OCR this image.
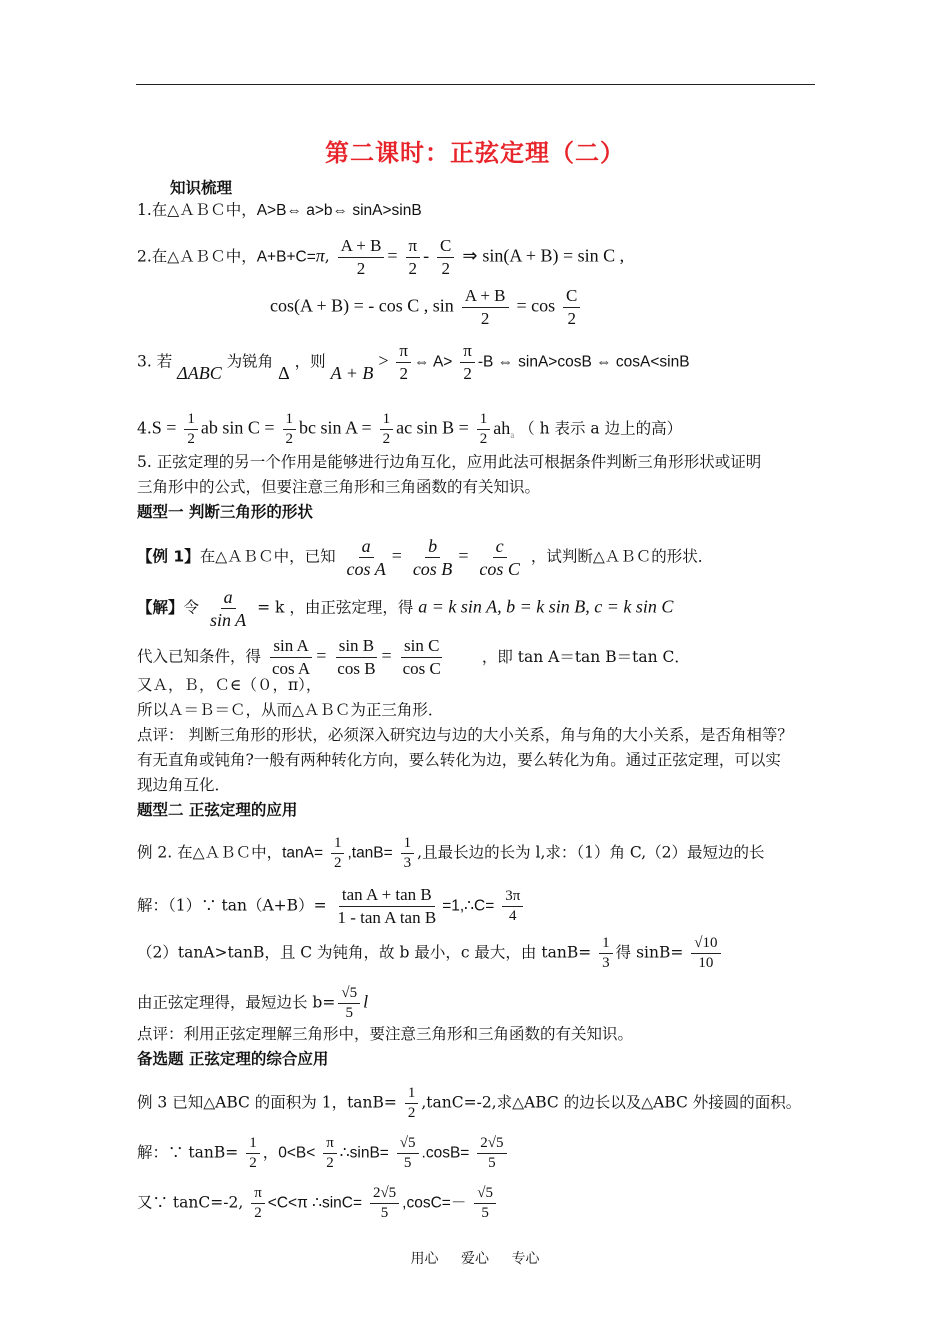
第二课时：正弦定理（二）
知识梳理
1.在△ＡＢＣ中，A>B⇔ a>b⇔ sinA>sinB
2.在△ＡＢＣ中，A+B+C=π, $\frac{A + B}{2} = \frac{\pi}{2} - \frac{C}{2}$ ⇒ sin(A + B) = sin C ,
cos(A + B) = - cos C , $\sin \frac{A + B}{2} = \cos \frac{C}{2}$
3. 若 ΔABC 为锐角 Δ ，则 $A + B > \frac{\pi}{2}$ ⇔ $A> \frac{\pi}{2} -B$ ⇔ sinA>cosB ⇔ cosA<sinB
$4.S = \frac{1}{2}$ ab $\sin C = \frac{1}{2}$ bc $\sin A = \frac{1}{2}$ ac $\sin B = \frac{1}{2} ah_a$ （ h 表示 a 边上的高）
5. 正弦定理的另一个作用是能够进行边角互化，应用此法可根据条件判断三角形形状或证明
三角形中的公式，但要注意三角形和三角函数的有关知识。
题型一 判断三角形的形状
【例 1】在△ＡＢＣ中，已知 $\frac{a}{\text{cos A}} = \frac{b}{\text{cos B}} = \frac{c}{\text{cos C}}$ ，试判断△ＡＢＣ的形状．
【解】令 $\frac{a}{\text{sin A}} = k$ ，由正弦定理，得 a = k sin A, b = k sin B, c = k sin C
代入已知条件，得 $\frac{\text{sin A}}{\text{cos A}} = \frac{\text{sin B}}{\text{cos B}} = \frac{\text{sin C}}{\text{cos C}}$ ，即 tan A＝tan B＝tan C．
又Ａ，Ｂ，Ｃ∈（０，π），
所以Ａ＝Ｂ＝Ｃ，从而△ＡＢＣ为正三角形．
点评： 判断三角形的形状，必须深入研究边与边的大小关系，角与角的大小关系，是否角相等？
有无直角或钝角?一般有两种转化方向，要么转化为边，要么转化为角。通过正弦定理，可以实
现边角互化．
题型二 正弦定理的应用
例 2. 在△ＡＢＣ中，$\tan A= \frac{1}{2} ,\tan B= \frac{1}{3}$ ,且最长边的长为 l,求：（1）角 C,（2）最短边的长
解：（1）∵ $\tan(A+B)= \frac{\text{tan A + tan B}}{\text{1 - tan A tan B}}$ =1,∴C= $\frac{3\pi}{4}$
（2）tanA>tanB，且 C 为钝角，故 b 最小，c 最大，由 $\tan B= \frac{1}{3}$ 得 $\sin B= \frac{√10}{10}$
由正弦定理得，最短边长 $b= \frac{√5}{5}$ l
点评：利用正弦定理解三角形中，要注意三角形和三角函数的有关知识。
备选题 正弦定理的综合应用
例 3 已知△ABC 的面积为 1，$\tan B= \frac{1}{2} ,\tan C=-2$,求△ABC 的边长以及△ABC 外接圆的面积。
解：∵ $\tan B= \frac{1}{2}$ ，$0<B< \frac{\pi}{2}$ ∴sinB= $\frac{√5}{5} .\cos B= \frac{2√5}{5}$
又∵ tanC=-2, $\frac{\pi}{2} <C<\pi$ ∴sinC= $\frac{2√5}{5} ,\cos C=- \frac{√5}{5}$
用心 爱心 专心
